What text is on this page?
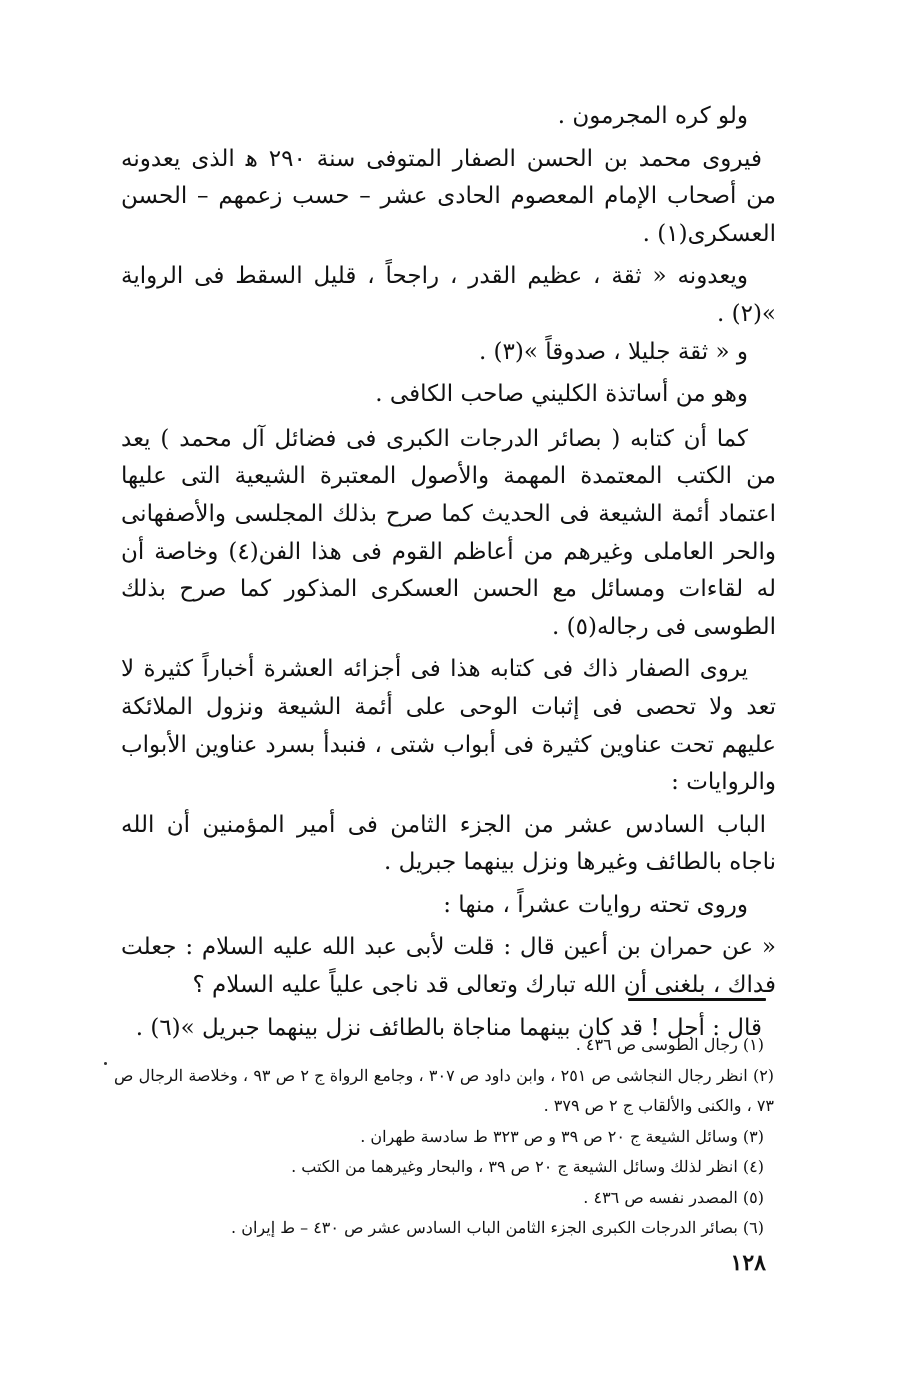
ولو كره المجرمون .

فيروى محمد بن الحسن الصفار المتوفى سنة ٢٩٠ ﻫ الذى يعدونه من أصحاب الإمام المعصوم الحادى عشر – حسب زعمهم – الحسن العسكرى(١) .

ويعدونه « ثقة ، عظيم القدر ، راجحاً ، قليل السقط فى الرواية »(٢) .

و « ثقة جليلا ، صدوقاً »(٣) .

وهو من أساتذة الكليني صاحب الكافى .

كما أن كتابه ( بصائر الدرجات الكبرى فى فضائل آل محمد ) يعد من الكتب المعتمدة المهمة والأصول المعتبرة الشيعية التى عليها اعتماد أئمة الشيعة فى الحديث كما صرح بذلك المجلسى والأصفهانى والحر العاملى وغيرهم من أعاظم القوم فى هذا الفن(٤) وخاصة أن له لقاءات ومسائل مع الحسن العسكرى المذكور كما صرح بذلك الطوسى فى رجاله(٥) .

يروى الصفار ذاك فى كتابه هذا فى أجزائه العشرة أخباراً كثيرة لا تعد ولا تحصى فى إثبات الوحى على أئمة الشيعة ونزول الملائكة عليهم تحت عناوين كثيرة فى أبواب شتى ، فنبدأ بسرد عناوين الأبواب والروايات :

الباب السادس عشر من الجزء الثامن فى أمير المؤمنين أن الله ناجاه بالطائف وغيرها ونزل بينهما جبريل .

وروى تحته روايات عشراً ، منها :

« عن حمران بن أعين قال : قلت لأبى عبد الله عليه السلام : جعلت فداك ، بلغنى أن الله تبارك وتعالى قد ناجى علياً عليه السلام ؟

قال : أجل ! قد كان بينهما مناجاة بالطائف نزل بينهما جبريل »(٦) .

(١) رجال الطوسى ص ٤٣٦ .

(٢) انظر رجال النجاشى ص ٢٥١ ، وابن داود ص ٣٠٧ ، وجامع الرواة ج ٢ ص ٩٣ ، وخلاصة الرجال ص ٧٣ ، والكنى والألقاب ج ٢ ص ٣٧٩ .

(٣) وسائل الشيعة ج ٢٠ ص ٣٩ و ص ٣٢٣ ط سادسة طهران .

(٤) انظر لذلك وسائل الشيعة ج ٢٠ ص ٣٩ ، والبحار وغيرهما من الكتب .

(٥) المصدر نفسه ص ٤٣٦ .

(٦) بصائر الدرجات الكبرى الجزء الثامن الباب السادس عشر ص ٤٣٠ – ط إيران .

١٢٨
